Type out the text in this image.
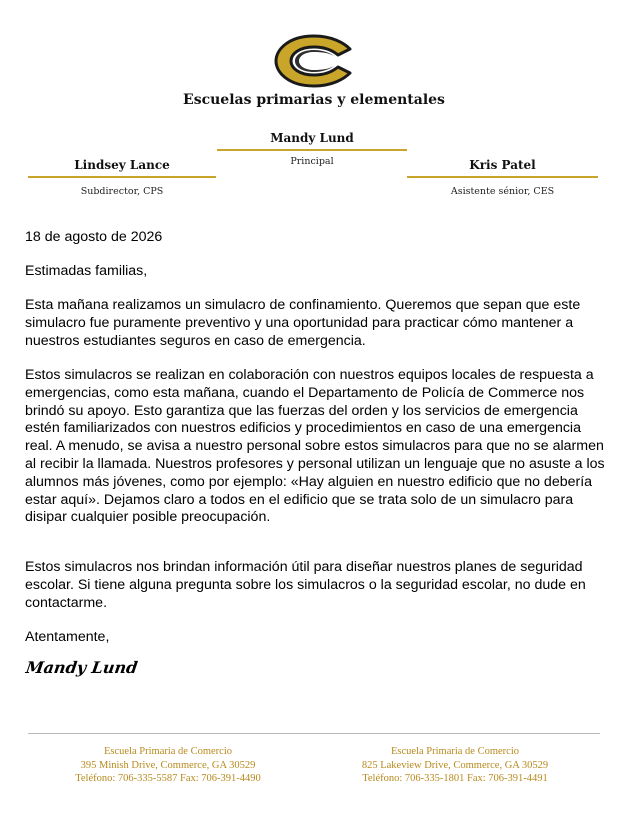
Escuelas primarias y elementales
Mandy Lund
Principal
Lindsey Lance
Subdirector, CPS
Kris Patel
Asistente sénior, CES
18 de agosto de 2026
Estimadas familias,

Esta mañana realizamos un simulacro de confinamiento. Queremos que sepan que este simulacro fue puramente preventivo y una oportunidad para practicar cómo mantener a nuestros estudiantes seguros en caso de emergencia.

Estos simulacros se realizan en colaboración con nuestros equipos locales de respuesta a emergencias, como esta mañana, cuando el Departamento de Policía de Commerce nos brindó su apoyo. Esto garantiza que las fuerzas del orden y los servicios de emergencia estén familiarizados con nuestros edificios y procedimientos en caso de una emergencia real. A menudo, se avisa a nuestro personal sobre estos simulacros para que no se alarmen al recibir la llamada. Nuestros profesores y personal utilizan un lenguaje que no asuste a los alumnos más jóvenes, como por ejemplo: «Hay alguien en nuestro edificio que no debería estar aquí». Dejamos claro a todos en el edificio que se trata solo de un simulacro para disipar cualquier posible preocupación.

Estos simulacros nos brindan información útil para diseñar nuestros planes de seguridad escolar. Si tiene alguna pregunta sobre los simulacros o la seguridad escolar, no dude en contactarme.

Atentamente,
Mandy Lund
Escuela Primaria de Comercio
395 Minish Drive, Commerce, GA 30529
Teléfono: 706-335-5587 Fax: 706-391-4490
Escuela Primaria de Comercio
825 Lakeview Drive, Commerce, GA 30529
Teléfono: 706-335-1801 Fax: 706-391-4491
